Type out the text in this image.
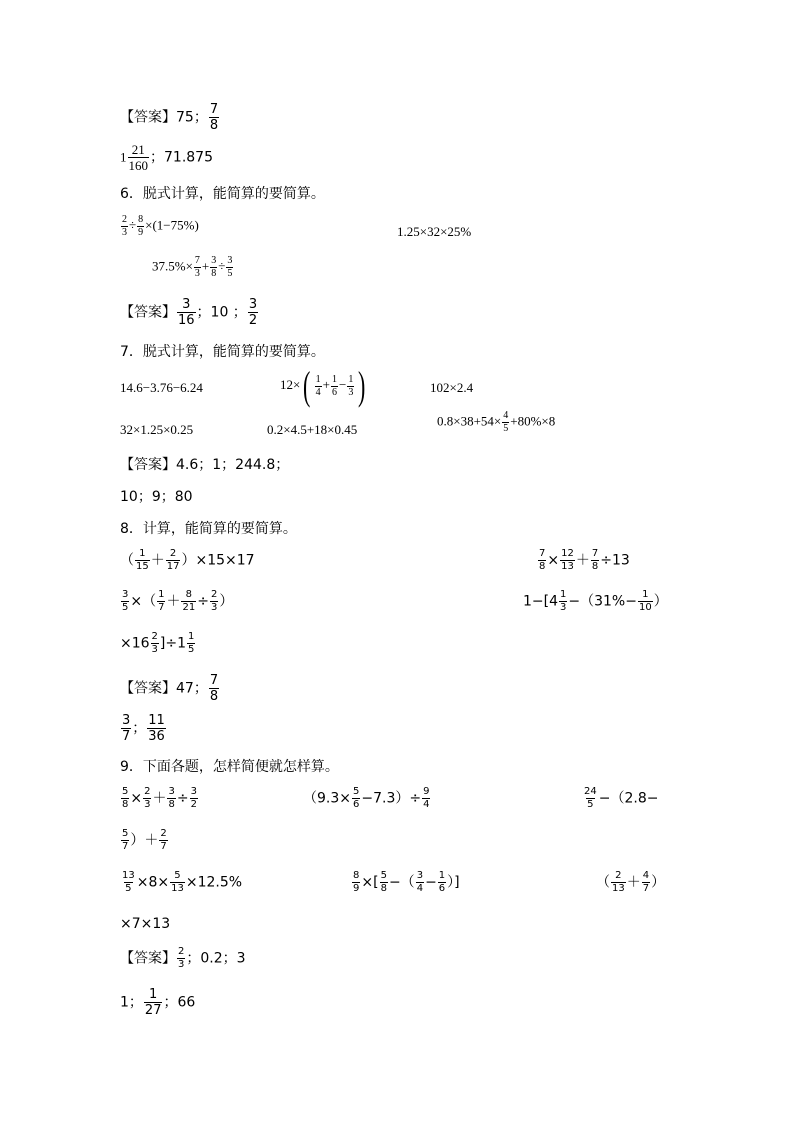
【答案】75； $\frac{7}{8}$
$1 \frac{21}{160}$ ；71.875
6．脱式计算，能简算的要简算。
$\frac{2}{3} \div \frac{8}{9} \times(1-75\%)$	1.25×32×25%
$37.5\%\times \frac{7}{3} + \frac{3}{8} \div \frac{3}{5}$
【答案】 $\frac{3}{16}$ ；10 ； $\frac{3}{2}$
7．脱式计算，能简算的要简算。
14.6−3.76−6.24	$12\times( \frac{1}{4} + \frac{1}{6} - \frac{1}{3}$ )	102×2.4
32×1.25×0.25	0.2×4.5+18×0.45
$0.8\times 38+54\times \frac{4}{5} +80\%\times 8$
【答案】4.6；1；244.8；
10；9；80
8．计算，能简算的要简算。
（ $\frac{1}{15} + \frac{2}{17} )\times 15\times 17$	$\frac{7}{8} \times \frac{12}{13} + \frac{7}{8} \div 13$
$\frac{3}{5}$ ×（ $\frac{1}{7} + \frac{8}{21} \div \frac{2}{3}$ ）	$1-[4 \frac{1}{3} -(31\%- \frac{1}{10}$ ）
$\times 16 \frac{2}{3} ]\div 1 \frac{1}{5}$
【答案】47； $\frac{7}{8}$
$\frac{3}{7}$ ； $\frac{11}{36}$
9．下面各题，怎样简便就怎样算。
$\frac{5}{8} \times \frac{2}{3} + \frac{3}{8} \div \frac{3}{2}$	$(9.3\times \frac{5}{6} -7.3)\div \frac{9}{4}$	$\frac{24}{5} -(2.8-$
$\frac{5}{7}$ ）＋ $\frac{2}{7}$
$\frac{13}{5} \times 8\times \frac{5}{13} \times 12.5\%$	$\frac{8}{9}$ ×[ $\frac{5}{8}$ −（ $\frac{3}{4} - \frac{1}{6}$ ）]	（ $\frac{2}{13} + \frac{4}{7}$ ）
×7×13
【答案】 $\frac{2}{3}$ ；0.2；3
1； $\frac{1}{27}$ ；66
